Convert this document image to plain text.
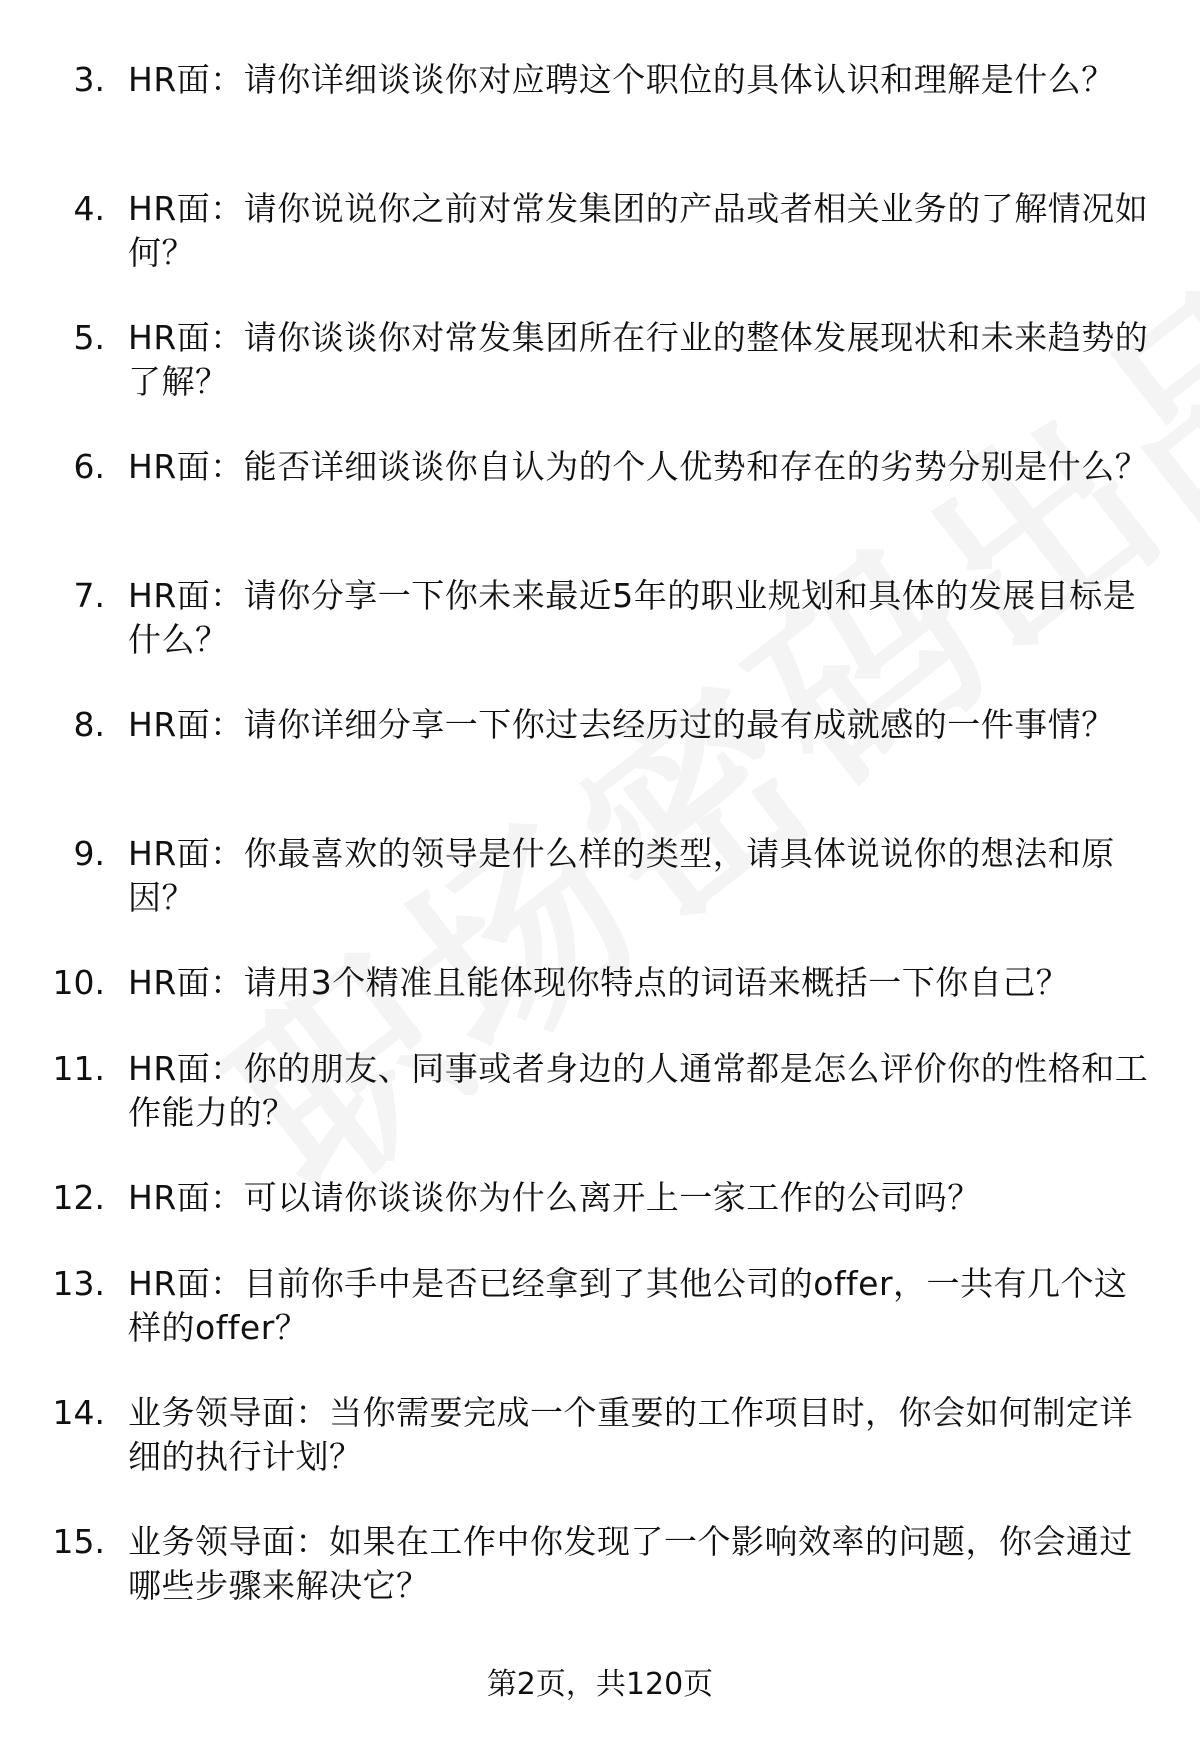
3. HR面：请你详细谈谈你对应聘这个职位的具体认识和理解是什么？
4. HR面：请你说说你之前对常发集团的产品或者相关业务的了解情况如何？
5. HR面：请你谈谈你对常发集团所在行业的整体发展现状和未来趋势的了解？
6. HR面：能否详细谈谈你自认为的个人优势和存在的劣势分别是什么？
7. HR面：请你分享一下你未来最近5年的职业规划和具体的发展目标是什么？
8. HR面：请你详细分享一下你过去经历过的最有成就感的一件事情？
9. HR面：你最喜欢的领导是什么样的类型，请具体说说你的想法和原因？
10. HR面：请用3个精准且能体现你特点的词语来概括一下你自己？
11. HR面：你的朋友、同事或者身边的人通常都是怎么评价你的性格和工作能力的？
12. HR面：可以请你谈谈你为什么离开上一家工作的公司吗？
13. HR面：目前你手中是否已经拿到了其他公司的offer，一共有几个这样的offer？
14. 业务领导面：当你需要完成一个重要的工作项目时，你会如何制定详细的执行计划？
15. 业务领导面：如果在工作中你发现了一个影响效率的问题，你会通过哪些步骤来解决它？
第2页，共120页
